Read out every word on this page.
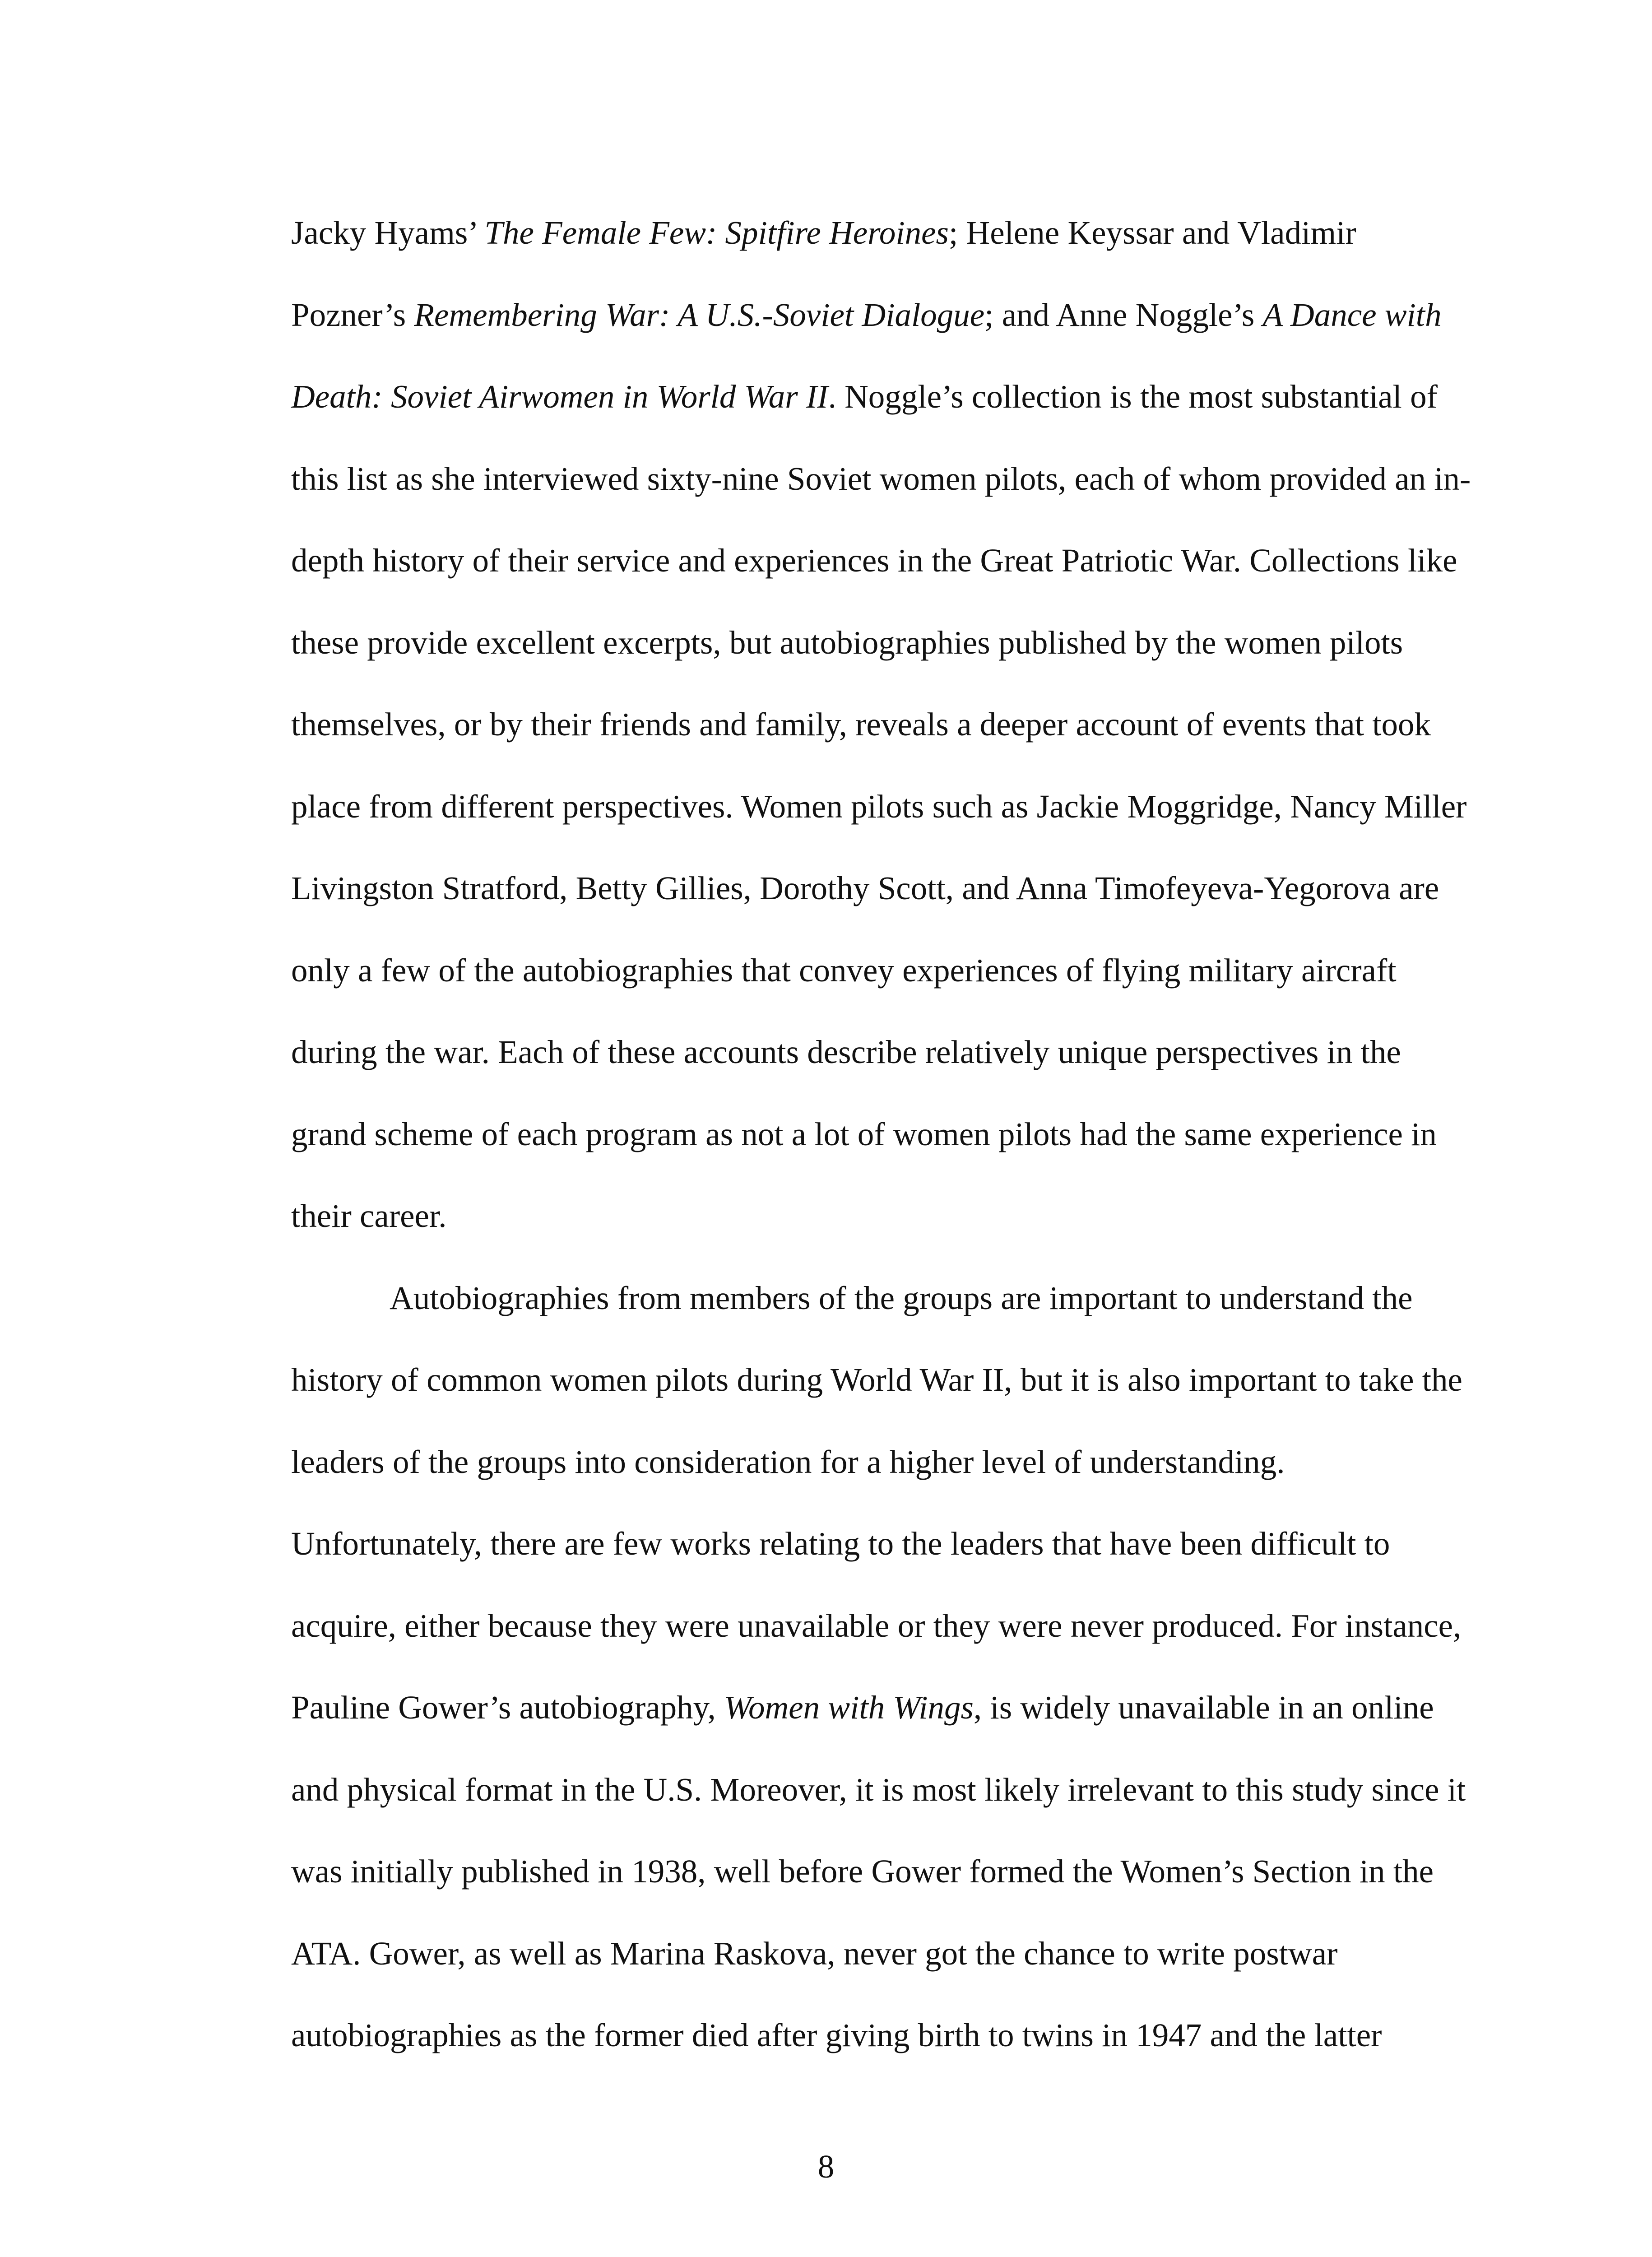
Jacky Hyams’ The Female Few: Spitfire Heroines; Helene Keyssar and Vladimir
Pozner’s Remembering War: A U.S.-Soviet Dialogue; and Anne Noggle’s A Dance with
Death: Soviet Airwomen in World War II. Noggle’s collection is the most substantial of
this list as she interviewed sixty-nine Soviet women pilots, each of whom provided an in-
depth history of their service and experiences in the Great Patriotic War. Collections like
these provide excellent excerpts, but autobiographies published by the women pilots
themselves, or by their friends and family, reveals a deeper account of events that took
place from different perspectives. Women pilots such as Jackie Moggridge, Nancy Miller
Livingston Stratford, Betty Gillies, Dorothy Scott, and Anna Timofeyeva-Yegorova are
only a few of the autobiographies that convey experiences of flying military aircraft
during the war. Each of these accounts describe relatively unique perspectives in the
grand scheme of each program as not a lot of women pilots had the same experience in
their career.
Autobiographies from members of the groups are important to understand the
history of common women pilots during World War II, but it is also important to take the
leaders of the groups into consideration for a higher level of understanding.
Unfortunately, there are few works relating to the leaders that have been difficult to
acquire, either because they were unavailable or they were never produced. For instance,
Pauline Gower’s autobiography, Women with Wings, is widely unavailable in an online
and physical format in the U.S. Moreover, it is most likely irrelevant to this study since it
was initially published in 1938, well before Gower formed the Women’s Section in the
ATA. Gower, as well as Marina Raskova, never got the chance to write postwar
autobiographies as the former died after giving birth to twins in 1947 and the latter
8
